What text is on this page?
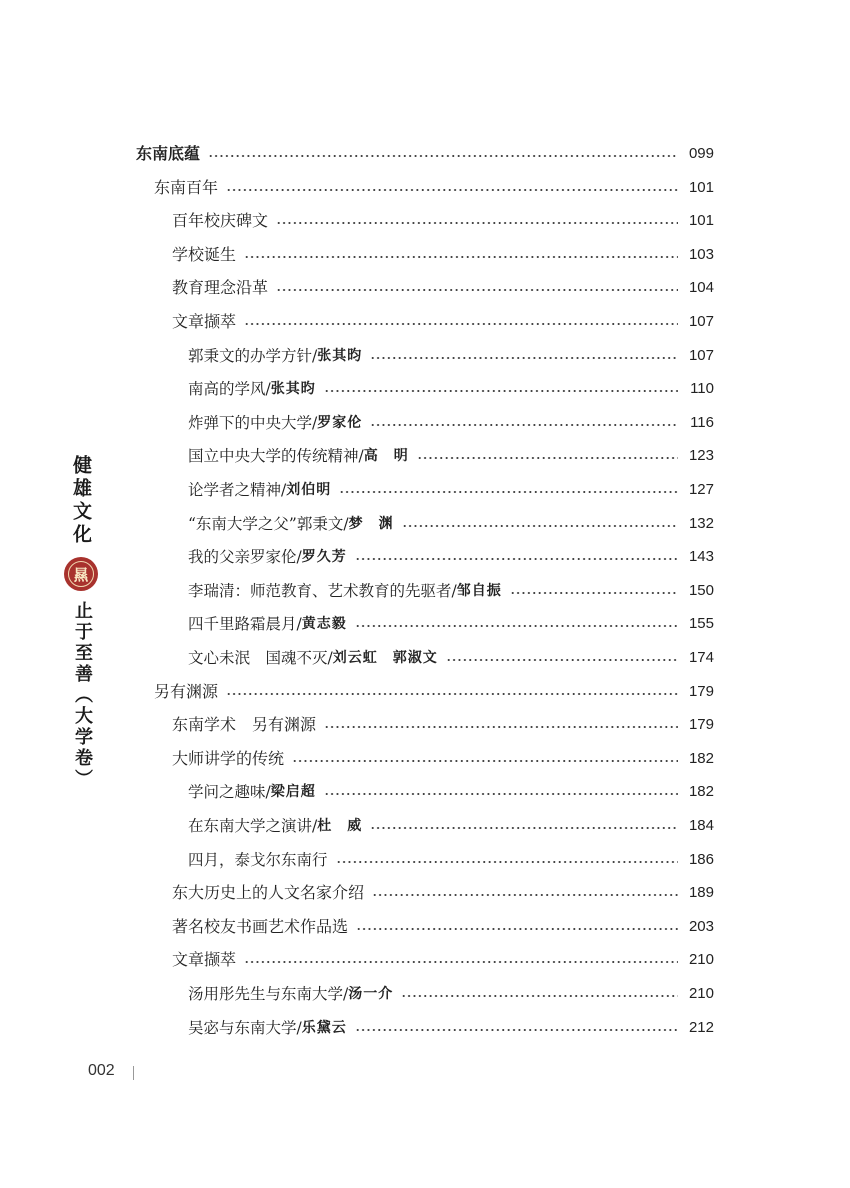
东南底蕴	099
东南百年	101
百年校庆碑文	101
学校诞生	103
教育理念沿革	104
文章撷萃	107
郭秉文的办学方针/ 张其昀	107
南高的学风/ 张其昀	110
炸弹下的中央大学/ 罗家伦	116
国立中央大学的传统精神/ 高　明	123
论学者之精神/ 刘伯明	127
“东南大学之父”郭秉文/ 梦　渊	132
我的父亲罗家伦/ 罗久芳	143
李瑞清：师范教育、艺术教育的先驱者/ 邹自振	150
四千里路霜晨月/ 黄志毅	155
文心未泯　国魂不灭/ 刘云虹　郭淑文	174
另有渊源	179
东南学术　另有渊源	179
大师讲学的传统	182
学问之趣味/ 梁启超	182
在东南大学之演讲/ 杜　威	184
四月，泰戈尔东南行	186
东大历史上的人文名家介绍	189
著名校友书画艺术作品选	203
文章撷萃	210
汤用彤先生与东南大学/ 汤一介	210
吴宓与东南大学/ 乐黛云	212
健雄文化
㬎
止于至善（大学卷）
002
